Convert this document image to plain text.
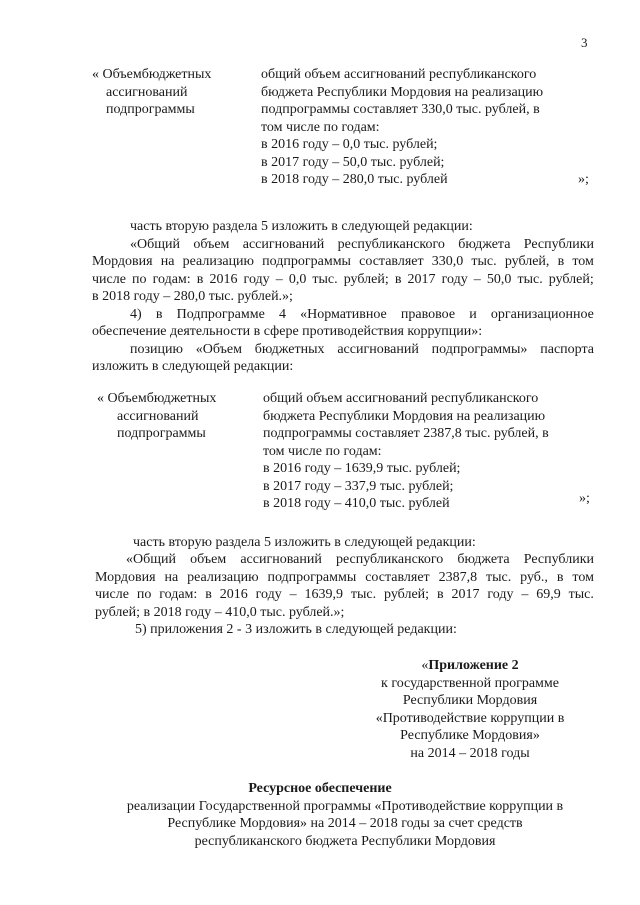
3
« Объембюджетных
ассигнований
подпрограммы
общий объем ассигнований республиканского
бюджета Республики Мордовия на реализацию
подпрограммы составляет 330,0 тыс. рублей, в
том числе по годам:
в 2016 году – 0,0 тыс. рублей;
в 2017 году – 50,0 тыс. рублей;
в 2018 году – 280,0 тыс. рублей	»;
часть вторую раздела 5 изложить в следующей редакции:
«Общий объем ассигнований республиканского бюджета Республики
Мордовия на реализацию подпрограммы составляет 330,0 тыс. рублей, в том
числе по годам: в 2016 году – 0,0 тыс. рублей; в 2017 году – 50,0 тыс. рублей;
в 2018 году – 280,0 тыс. рублей.»;
4) в Подпрограмме 4 «Нормативное правовое и организационное
обеспечение деятельности в сфере противодействия коррупции»:
позицию «Объем бюджетных ассигнований подпрограммы» паспорта
изложить в следующей редакции:
« Объембюджетных
ассигнований
подпрограммы
общий объем ассигнований республиканского
бюджета Республики Мордовия на реализацию
подпрограммы составляет 2387,8 тыс. рублей, в
том числе по годам:
в 2016 году – 1639,9 тыс. рублей;
в 2017 году – 337,9 тыс. рублей;
в 2018 году – 410,0 тыс. рублей	»;
часть вторую раздела 5 изложить в следующей редакции:
«Общий объем ассигнований республиканского бюджета Республики
Мордовия на реализацию подпрограммы составляет 2387,8 тыс. руб., в том
числе по годам: в 2016 году – 1639,9 тыс. рублей; в 2017 году – 69,9 тыс.
рублей; в 2018 году – 410,0 тыс. рублей.»;
5) приложения 2 - 3 изложить в следующей редакции:
«Приложение 2
к государственной программе
Республики Мордовия
«Противодействие коррупции в
Республике Мордовия»
на 2014 – 2018 годы
Ресурсное обеспечение
реализации Государственной программы «Противодействие коррупции в
Республике Мордовия» на 2014 – 2018 годы за счет средств
республиканского бюджета Республики Мордовия
